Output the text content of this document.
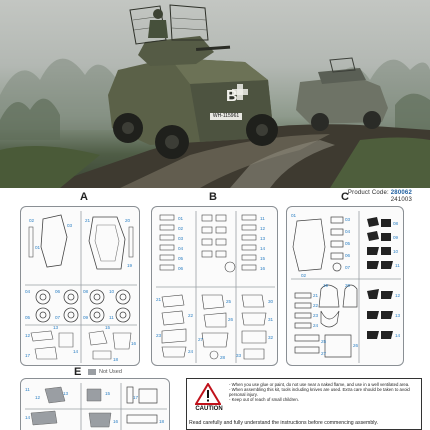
B
WH-115961
Product Code: 280062
241003
A	B	C
E
02
01
03
21	20
19
04
05
06
07
08
09
10
11
12
13
14
15
16
17
18
01
02
03
04
05
06
11
12
13
14
15
16
21
22
23
24
25
26
27
28
30
31
32
33
01
03
04
05
06
07
02
19	20
21
22
23
24
25
26
27
08
09
10
11
12
13
14
11
12
13
14
15
16
17
18
Not Used
CAUTION
- When you use glue or paint, do not use near a naked flame, and use in a well ventilated area.
- When assembling this kit, tools including knives are used. Extra care should be taken to avoid personal injury.
- Keep out of reach of small children.
Read carefully and fully understand the instructions before commencing assembly.
